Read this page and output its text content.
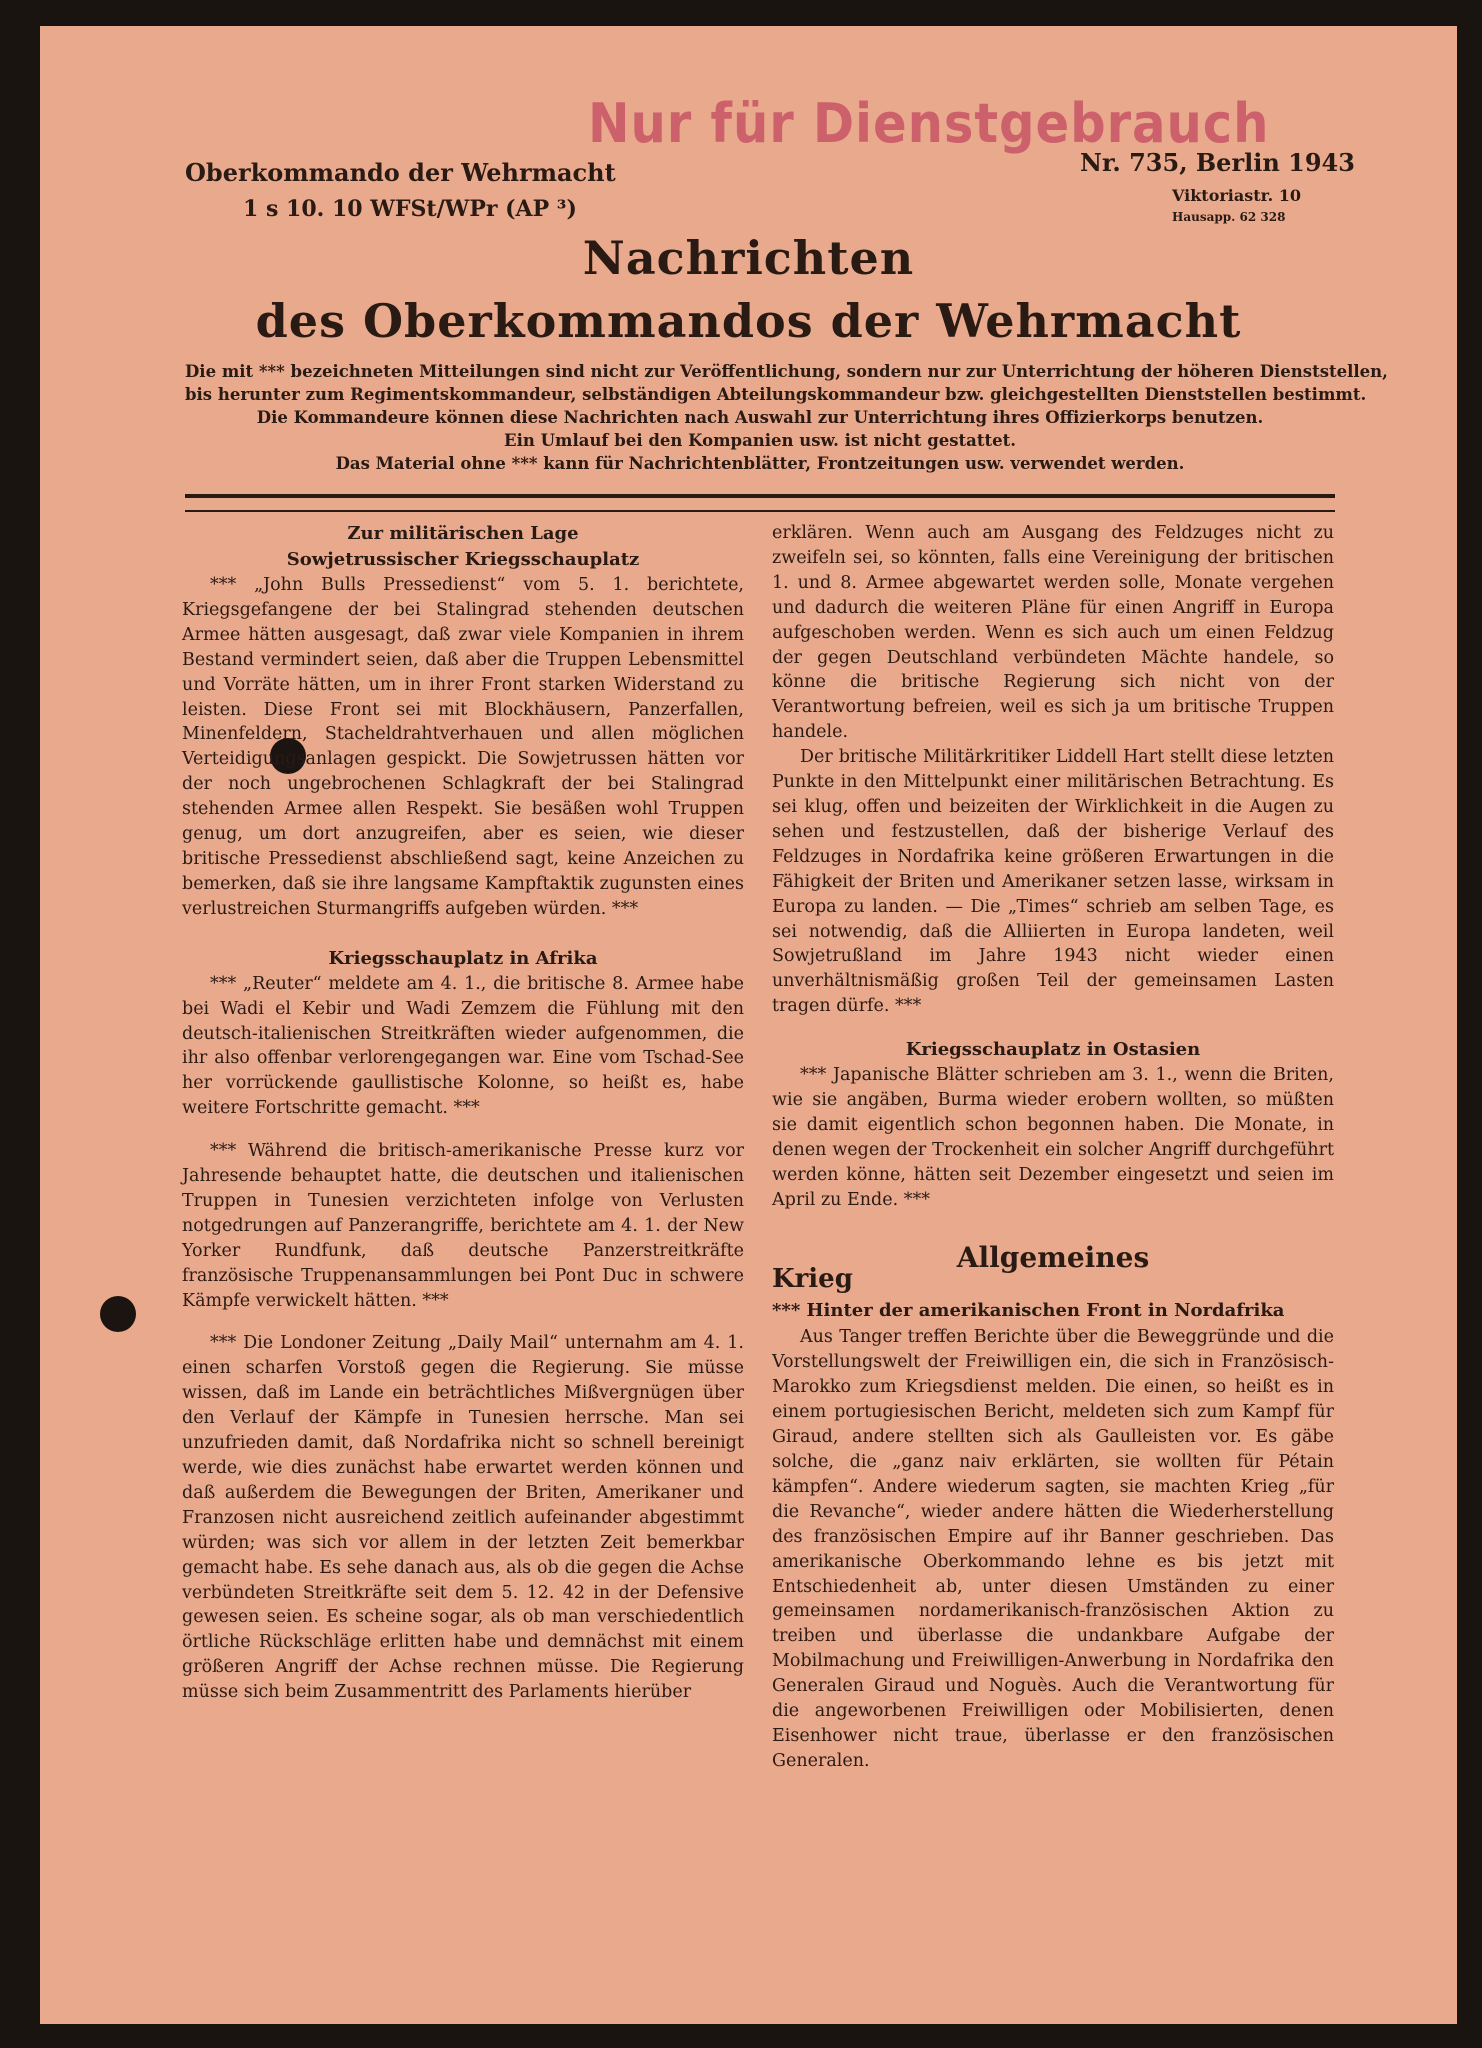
Nur für Dienstgebrauch
Oberkommando der Wehrmacht
1 s 10. 10 WFSt/WPr (AP ³)
Nr. 735, Berlin 1943
Viktoriastr. 10
Hausapp. 62 328
Nachrichten
des Oberkommandos der Wehrmacht
Die mit *** bezeichneten Mitteilungen sind nicht zur Veröffentlichung, sondern nur zur Unterrichtung der höheren Dienststellen,
bis herunter zum Regimentskommandeur, selbständigen Abteilungskommandeur bzw. gleichgestellten Dienststellen bestimmt.
Die Kommandeure können diese Nachrichten nach Auswahl zur Unterrichtung ihres Offizierkorps benutzen.
Ein Umlauf bei den Kompanien usw. ist nicht gestattet.
Das Material ohne *** kann für Nachrichtenblätter, Frontzeitungen usw. verwendet werden.
Zur militärischen Lage
Sowjetrussischer Kriegsschauplatz

*** „John Bulls Pressedienst“ vom 5. 1. berichtete, Kriegsgefangene der bei Stalingrad stehenden deutschen Armee hätten ausgesagt, daß zwar viele Kompanien in ihrem Bestand vermindert seien, daß aber die Truppen Lebensmittel und Vorräte hätten, um in ihrer Front starken Widerstand zu leisten. Diese Front sei mit Blockhäusern, Panzerfallen, Minenfeldern, Stacheldrahtverhauen und allen möglichen Verteidigungsanlagen gespickt. Die Sowjetrussen hätten vor der noch ungebrochenen Schlagkraft der bei Stalingrad stehenden Armee allen Respekt. Sie besäßen wohl Truppen genug, um dort anzugreifen, aber es seien, wie dieser britische Pressedienst abschließend sagt, keine Anzeichen zu bemerken, daß sie ihre langsame Kampftaktik zugunsten eines verlustreichen Sturmangriffs aufgeben würden. ***

Kriegsschauplatz in Afrika

*** „Reuter“ meldete am 4. 1., die britische 8. Armee habe bei Wadi el Kebir und Wadi Zemzem die Fühlung mit den deutsch-italienischen Streitkräften wieder aufgenommen, die ihr also offenbar verlorengegangen war. Eine vom Tschad-See her vorrückende gaullistische Kolonne, so heißt es, habe weitere Fortschritte gemacht. ***

*** Während die britisch-amerikanische Presse kurz vor Jahresende behauptet hatte, die deutschen und italienischen Truppen in Tunesien verzichteten infolge von Verlusten notgedrungen auf Panzerangriffe, berichtete am 4. 1. der New Yorker Rundfunk, daß deutsche Panzerstreitkräfte französische Truppenansammlungen bei Pont Duc in schwere Kämpfe verwickelt hätten. ***

*** Die Londoner Zeitung „Daily Mail“ unternahm am 4. 1. einen scharfen Vorstoß gegen die Regierung. Sie müsse wissen, daß im Lande ein beträchtliches Mißvergnügen über den Verlauf der Kämpfe in Tunesien herrsche. Man sei unzufrieden damit, daß Nordafrika nicht so schnell bereinigt werde, wie dies zunächst habe erwartet werden können und daß außerdem die Bewegungen der Briten, Amerikaner und Franzosen nicht ausreichend zeitlich aufeinander abgestimmt würden; was sich vor allem in der letzten Zeit bemerkbar gemacht habe. Es sehe danach aus, als ob die gegen die Achse verbündeten Streitkräfte seit dem 5. 12. 42 in der Defensive gewesen seien. Es scheine sogar, als ob man verschiedentlich örtliche Rückschläge erlitten habe und demnächst mit einem größeren Angriff der Achse rechnen müsse. Die Regierung müsse sich beim Zusammentritt des Parlaments hierüber

erklären. Wenn auch am Ausgang des Feldzuges nicht zu zweifeln sei, so könnten, falls eine Vereinigung der britischen 1. und 8. Armee abgewartet werden solle, Monate vergehen und dadurch die weiteren Pläne für einen Angriff in Europa aufgeschoben werden. Wenn es sich auch um einen Feldzug der gegen Deutschland verbündeten Mächte handele, so könne die britische Regierung sich nicht von der Verantwortung befreien, weil es sich ja um britische Truppen handele.

Der britische Militärkritiker Liddell Hart stellt diese letzten Punkte in den Mittelpunkt einer militärischen Betrachtung. Es sei klug, offen und beizeiten der Wirklichkeit in die Augen zu sehen und festzustellen, daß der bisherige Verlauf des Feldzuges in Nordafrika keine größeren Erwartungen in die Fähigkeit der Briten und Amerikaner setzen lasse, wirksam in Europa zu landen. — Die „Times“ schrieb am selben Tage, es sei notwendig, daß die Alliierten in Europa landeten, weil Sowjetrußland im Jahre 1943 nicht wieder einen unverhältnismäßig großen Teil der gemeinsamen Lasten tragen dürfe. ***

Kriegsschauplatz in Ostasien

*** Japanische Blätter schrieben am 3. 1., wenn die Briten, wie sie angäben, Burma wieder erobern wollten, so müßten sie damit eigentlich schon begonnen haben. Die Monate, in denen wegen der Trockenheit ein solcher Angriff durchgeführt werden könne, hätten seit Dezember eingesetzt und seien im April zu Ende. ***

Allgemeines
Krieg
*** Hinter der amerikanischen Front in Nordafrika

Aus Tanger treffen Berichte über die Beweggründe und die Vorstellungswelt der Freiwilligen ein, die sich in Französisch-Marokko zum Kriegsdienst melden. Die einen, so heißt es in einem portugiesischen Bericht, meldeten sich zum Kampf für Giraud, andere stellten sich als Gaulleisten vor. Es gäbe solche, die „ganz naiv erklärten, sie wollten für Pétain kämpfen“. Andere wiederum sagten, sie machten Krieg „für die Revanche“, wieder andere hätten die Wiederherstellung des französischen Empire auf ihr Banner geschrieben. Das amerikanische Oberkommando lehne es bis jetzt mit Entschiedenheit ab, unter diesen Umständen zu einer gemeinsamen nordamerikanisch-französischen Aktion zu treiben und überlasse die undankbare Aufgabe der Mobilmachung und Freiwilligen-Anwerbung in Nordafrika den Generalen Giraud und Noguès. Auch die Verantwortung für die angeworbenen Freiwilligen oder Mobilisierten, denen Eisenhower nicht traue, überlasse er den französischen Generalen.
